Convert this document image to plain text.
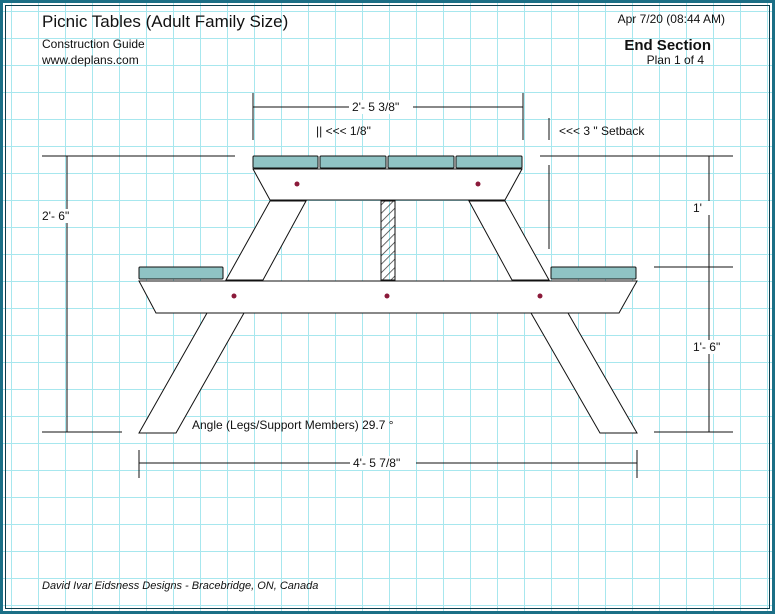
Picnic Tables (Adult Family Size)
Construction Guide
www.deplans.com
Apr 7/20 (08:44 AM)
End Section
Plan 1 of 4
2'- 5 3/8"
|| <<< 1/8"	<<< 3 " Setback
2'- 6"
1'
1'- 6"
Angle (Legs/Support Members) 29.7 °
4'- 5 7/8"
David Ivar Eidsness Designs - Bracebridge, ON, Canada
